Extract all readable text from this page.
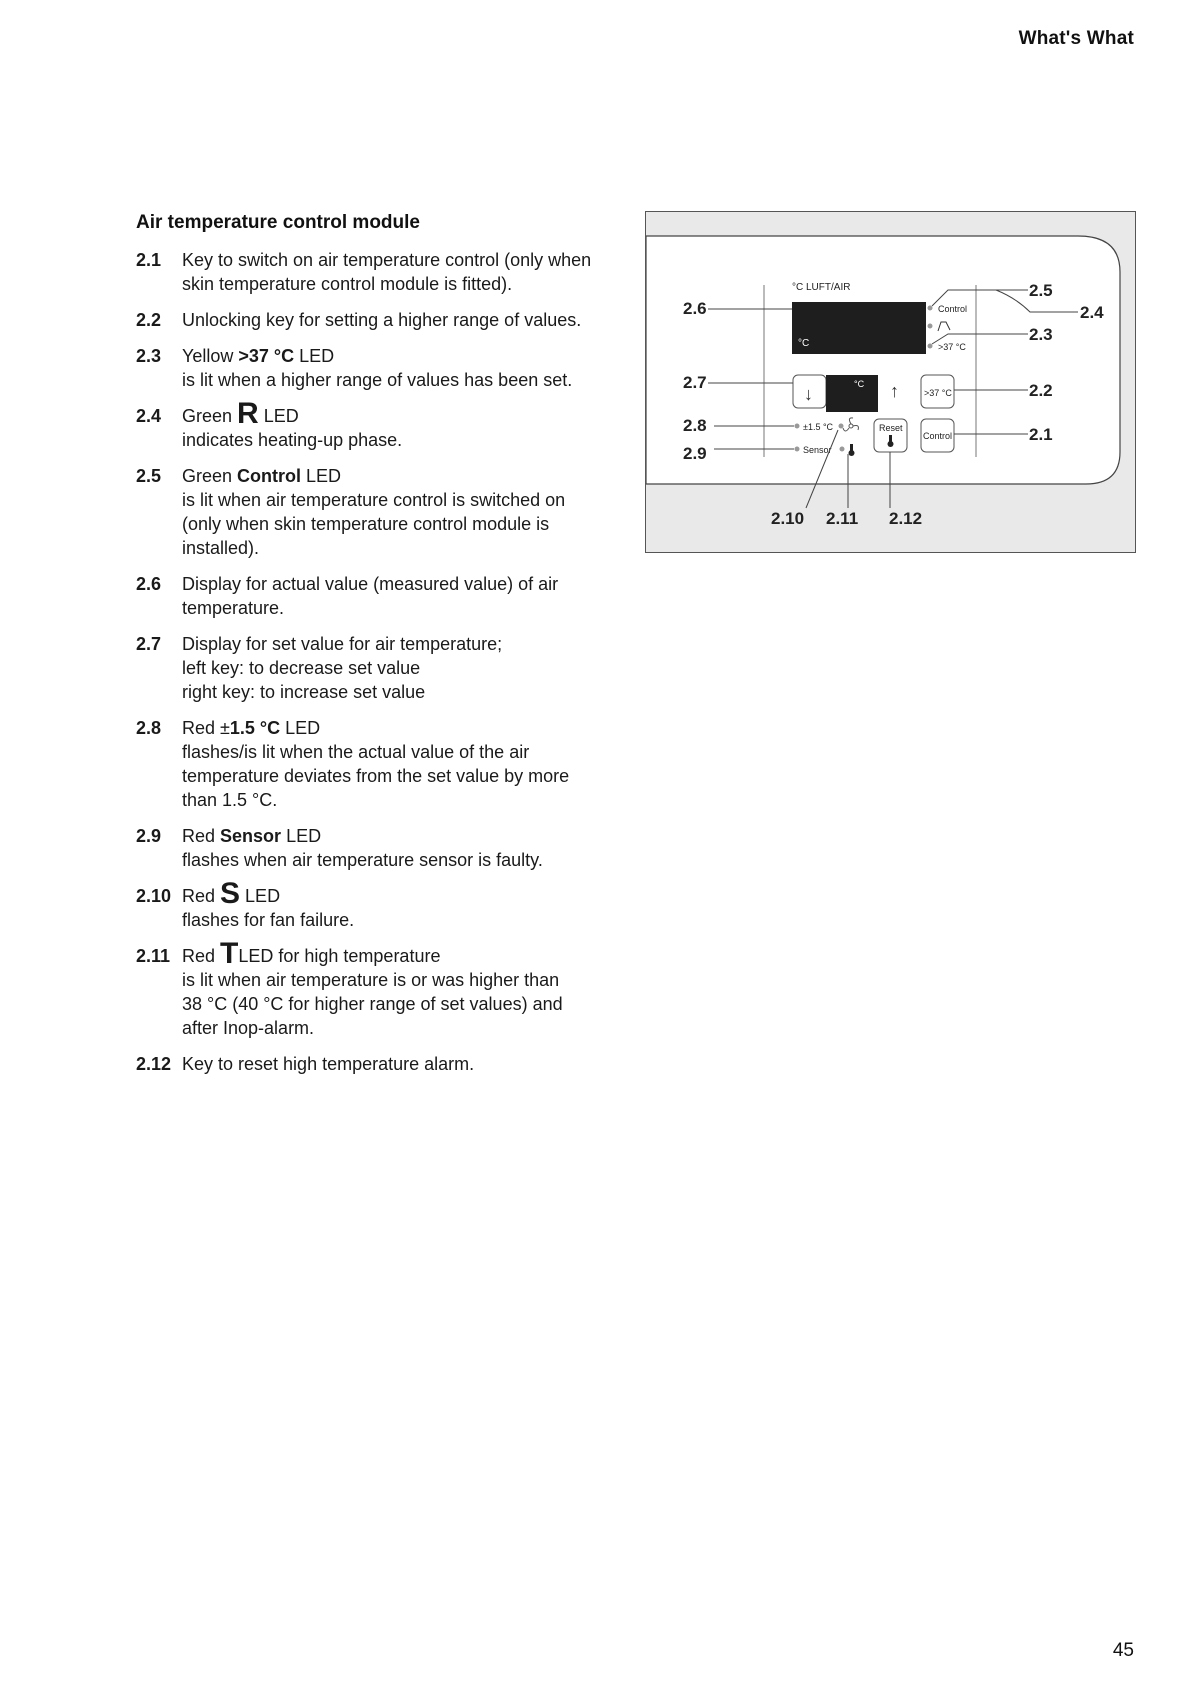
What's What
Air temperature control module
2.1	Key to switch on air temperature control (only when
skin temperature control module is fitted).
2.2	Unlocking key for setting a higher range of values.
2.3	Yellow >37 °C LED
is lit when a higher range of values has been set.
2.4	Green R LED
indicates heating-up phase.
2.5	Green Control LED
is lit when air temperature control is switched on
(only when skin temperature control module is
installed).
2.6	Display for actual value (measured value) of air
temperature.
2.7	Display for set value for air temperature;
left key: to decrease set value
right key: to increase set value
2.8	Red ±1.5 °C LED
flashes/is lit when the actual value of the air
temperature deviates from the set value by more
than 1.5 °C.
2.9	Red Sensor LED
flashes when air temperature sensor is faulty.
2.10 Red S LED
flashes for fan failure.
2.11 Red TLED for high temperature
is lit when air temperature is or was higher than
38 °C (40 °C for higher range of set values) and
after Inop-alarm.
2.12 Key to reset high temperature alarm.
°C LUFT/AIR
°C
Control
>37 °C
↓	°C ↑	>37 °C
±1.5 °C
Sensor
Reset
Control
2.6
2.7
2.8
2.9
2.5
2.4
2.3
2.2
2.1
2.10 2.11 2.12
45
